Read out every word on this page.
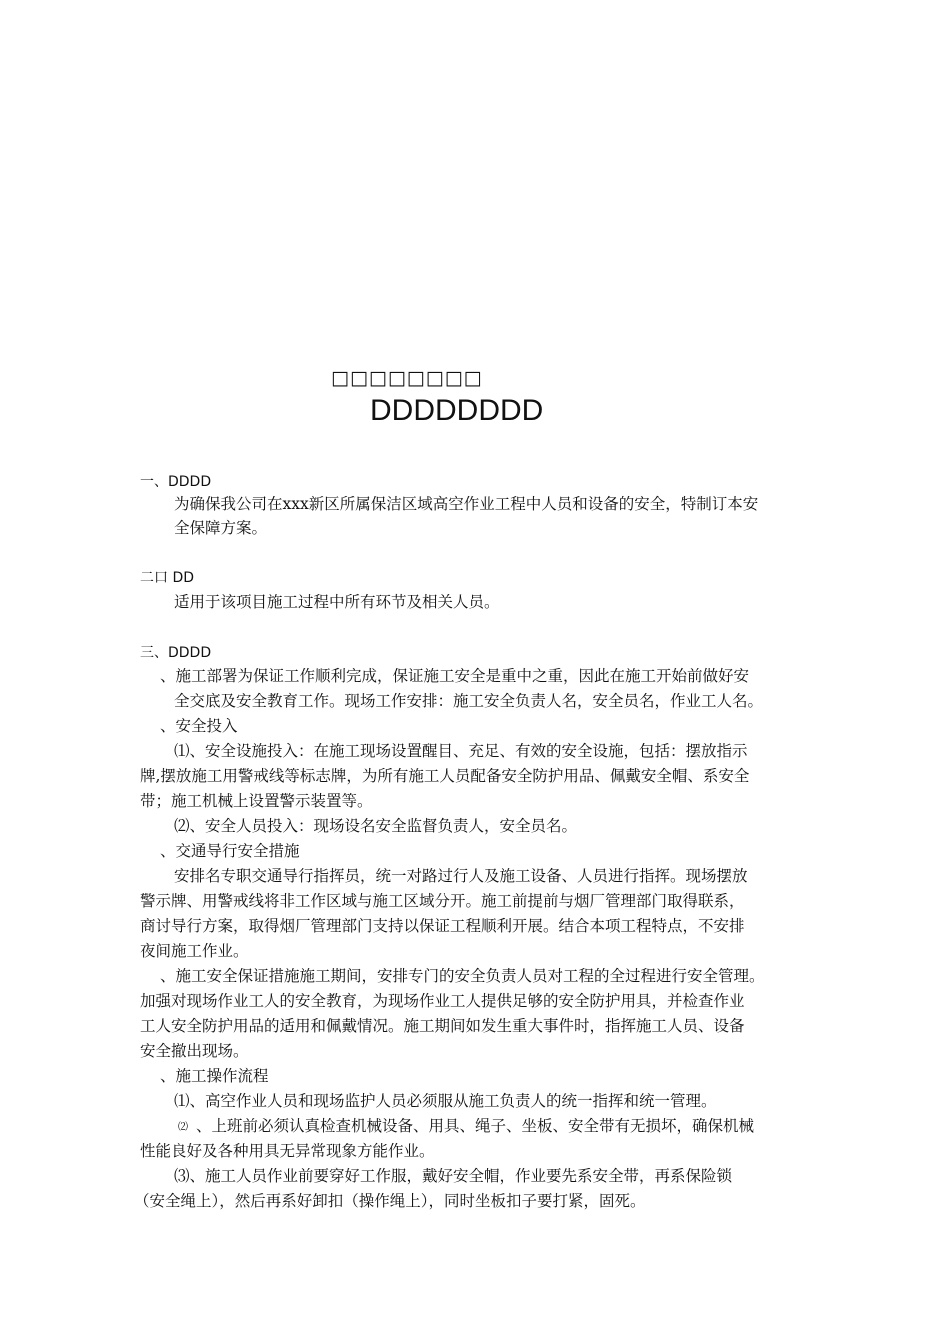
□□□□□□□□
DDDDDDDD
一、DDDD
为确保我公司在xxx新区所属保洁区域高空作业工程中人员和设备的安全，特制订本安
全保障方案。
二口 DD
适用于该项目施工过程中所有环节及相关人员。
三、DDDD
、施工部署为保证工作顺利完成，保证施工安全是重中之重，因此在施工开始前做好安
全交底及安全教育工作。现场工作安排：施工安全负责人名，安全员名，作业工人名。
、安全投入
⑴、安全设施投入：在施工现场设置醒目、充足、有效的安全设施，包括：摆放指示
牌,摆放施工用警戒线等标志牌，为所有施工人员配备安全防护用品、佩戴安全帽、系安全
带；施工机械上设置警示装置等。
⑵、安全人员投入：现场设名安全监督负责人，安全员名。
、交通导行安全措施
安排名专职交通导行指挥员，统一对路过行人及施工设备、人员进行指挥。现场摆放
警示牌、用警戒线将非工作区域与施工区域分开。施工前提前与烟厂管理部门取得联系，
商讨导行方案，取得烟厂管理部门支持以保证工程顺利开展。结合本项工程特点，不安排
夜间施工作业。
、施工安全保证措施施工期间，安排专门的安全负责人员对工程的全过程进行安全管理。
加强对现场作业工人的安全教育，为现场作业工人提供足够的安全防护用具，并检查作业
工人安全防护用品的适用和佩戴情况。施工期间如发生重大事件时，指挥施工人员、设备
安全撤出现场。
、施工操作流程
⑴、高空作业人员和现场监护人员必须服从施工负责人的统一指挥和统一管理。
⑵ 、上班前必须认真检查机械设备、用具、绳子、坐板、安全带有无损坏，确保机械
性能良好及各种用具无异常现象方能作业。
⑶、施工人员作业前要穿好工作服，戴好安全帽，作业要先系安全带，再系保险锁
（安全绳上），然后再系好卸扣（操作绳上），同时坐板扣子要打紧，固死。
